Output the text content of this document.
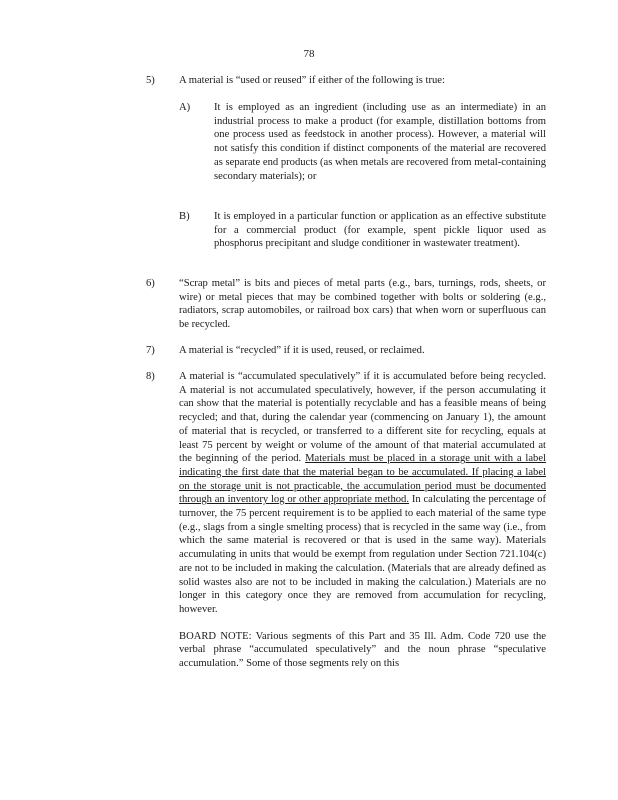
78
5) A material is “used or reused” if either of the following is true:

A) It is employed as an ingredient (including use as an intermediate) in an industrial process to make a product (for example, distillation bottoms from one process used as feedstock in another process). However, a material will not satisfy this condition if distinct components of the material are recovered as separate end products (as when metals are recovered from metal-containing secondary materials); or

B) It is employed in a particular function or application as an effective substitute for a commercial product (for example, spent pickle liquor used as phosphorus precipitant and sludge conditioner in wastewater treatment).

6) “Scrap metal” is bits and pieces of metal parts (e.g., bars, turnings, rods, sheets, or wire) or metal pieces that may be combined together with bolts or soldering (e.g., radiators, scrap automobiles, or railroad box cars) that when worn or superfluous can be recycled.

7) A material is “recycled” if it is used, reused, or reclaimed.

8) A material is “accumulated speculatively” if it is accumulated before being recycled. A material is not accumulated speculatively, however, if the person accumulating it can show that the material is potentially recyclable and has a feasible means of being recycled; and that, during the calendar year (commencing on January 1), the amount of material that is recycled, or transferred to a different site for recycling, equals at least 75 percent by weight or volume of the amount of that material accumulated at the beginning of the period. Materials must be placed in a storage unit with a label indicating the first date that the material began to be accumulated. If placing a label on the storage unit is not practicable, the accumulation period must be documented through an inventory log or other appropriate method. In calculating the percentage of turnover, the 75 percent requirement is to be applied to each material of the same type (e.g., slags from a single smelting process) that is recycled in the same way (i.e., from which the same material is recovered or that is used in the same way). Materials accumulating in units that would be exempt from regulation under Section 721.104(c) are not to be included in making the calculation. (Materials that are already defined as solid wastes also are not to be included in making the calculation.) Materials are no longer in this category once they are removed from accumulation for recycling, however.

BOARD NOTE: Various segments of this Part and 35 Ill. Adm. Code 720 use the verbal phrase “accumulated speculatively” and the noun phrase “speculative accumulation.” Some of those segments rely on this
